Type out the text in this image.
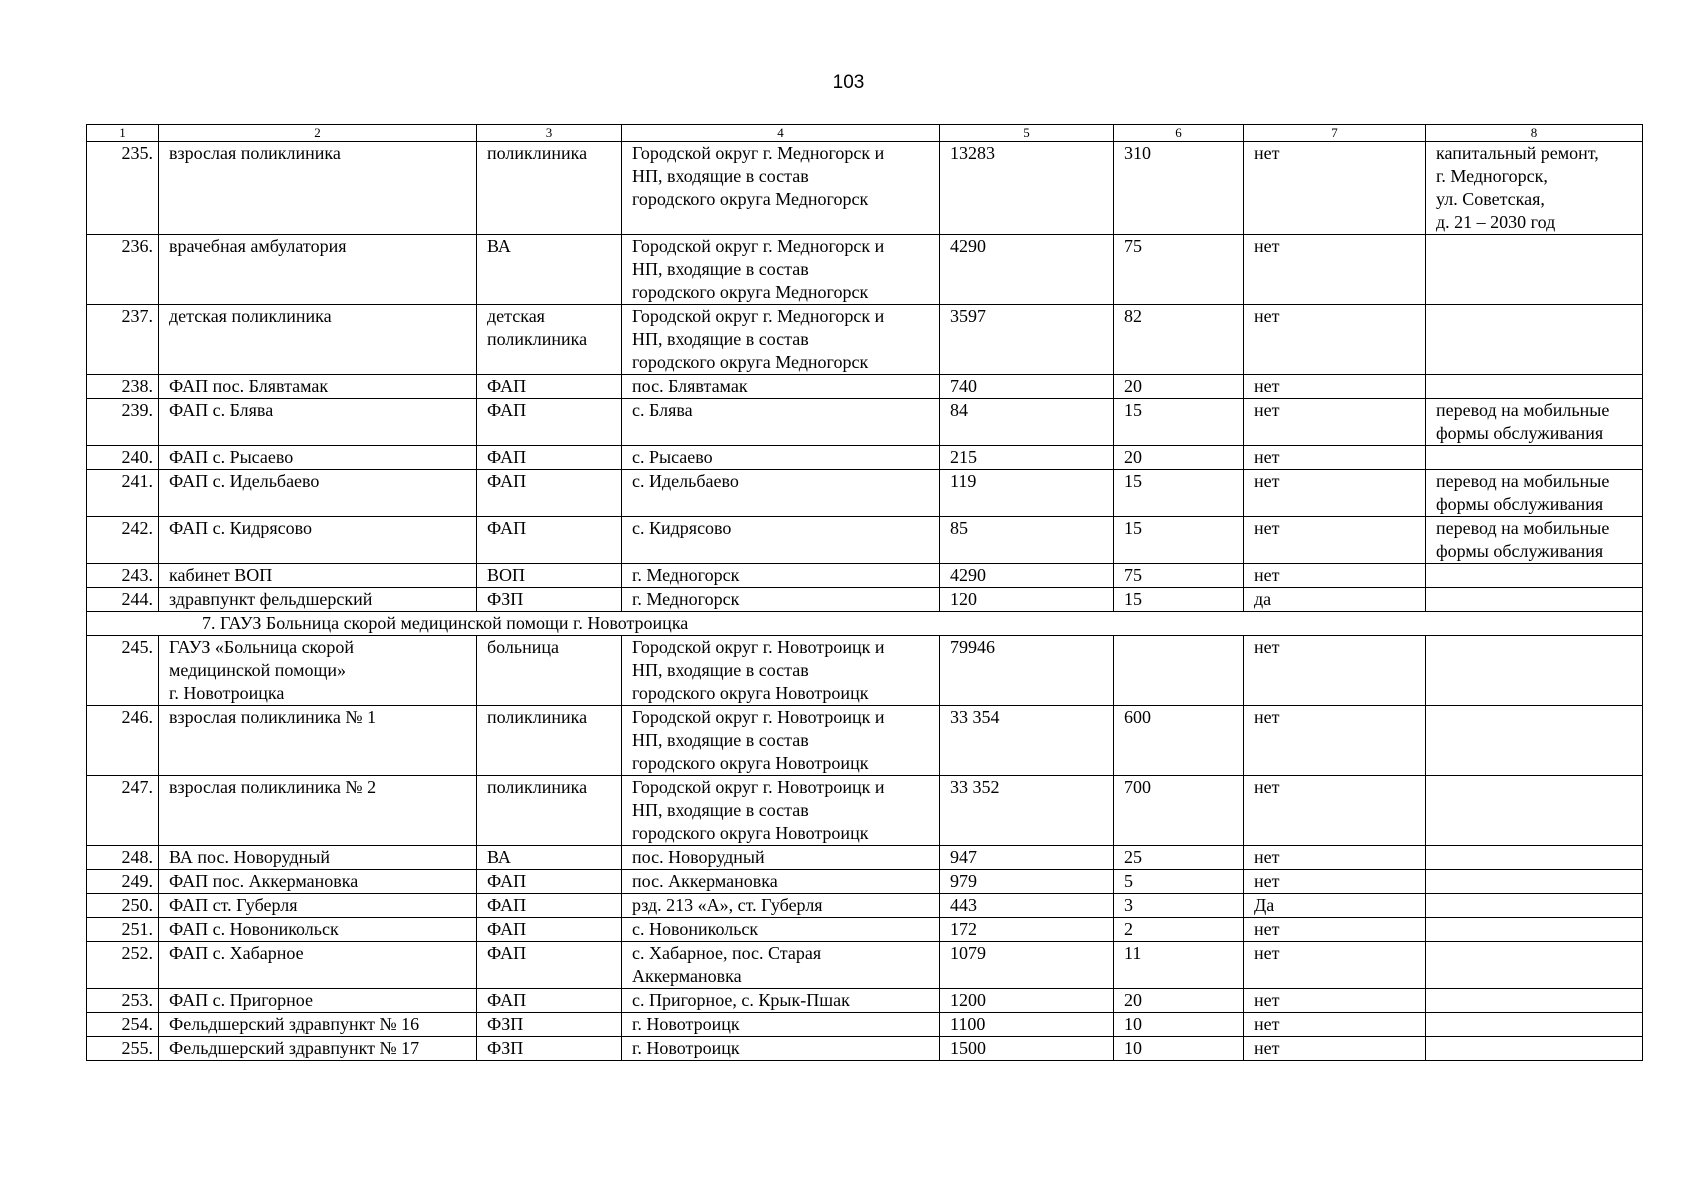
103
1	2	3	4	5	6	7	8
235.	взрослая поликлиника	поликлиника	Городской округ г. Медногорск и
НП, входящие в состав
городского округа Медногорск	13283	310	нет	капитальный ремонт,
г. Медногорск,
ул. Советская,
д. 21 – 2030 год

236.	врачебная амбулатория	ВА	Городской округ г. Медногорск и
НП, входящие в состав
городского округа Медногорск	4290	75	нет	
237.	детская поликлиника	детская
поликлиника	Городской округ г. Медногорск и
НП, входящие в состав
городского округа Медногорск	3597	82	нет	
238.	ФАП пос. Блявтамак	ФАП	пос. Блявтамак	740	20	нет	
239.	ФАП с. Блява	ФАП	с. Блява	84	15	нет	перевод на мобильные
формы обслуживания

240.	ФАП с. Рысаево	ФАП	с. Рысаево	215	20	нет	
241.	ФАП с. Идельбаево	ФАП	с. Идельбаево	119	15	нет	перевод на мобильные
формы обслуживания

242.	ФАП с. Кидрясово	ФАП	с. Кидрясово	85	15	нет	перевод на мобильные
формы обслуживания

243.	кабинет ВОП	ВОП	г. Медногорск	4290	75	нет	
244.	здравпункт фельдшерский	ФЗП	г. Медногорск	120	15	да	
7. ГАУЗ Больница скорой медицинской помощи г. Новотроицка							
245.	ГАУЗ «Больница скорой
медицинской помощи»
г. Новотроицка	больница	Городской округ г. Новотроицк и
НП, входящие в состав
городского округа Новотроицк	79946		нет	
246.	взрослая поликлиника № 1	поликлиника	Городской округ г. Новотроицк и
НП, входящие в состав
городского округа Новотроицк	33 354	600	нет	
247.	взрослая поликлиника № 2	поликлиника	Городской округ г. Новотроицк и
НП, входящие в состав
городского округа Новотроицк	33 352	700	нет	
248.	ВА пос. Новорудный	ВА	пос. Новорудный	947	25	нет	
249.	ФАП пос. Аккермановка	ФАП	пос. Аккермановка	979	5	нет	
250.	ФАП ст. Губерля	ФАП	рзд. 213 «А», ст. Губерля	443	3	Да	
251.	ФАП с. Новоникольск	ФАП	с. Новоникольск	172	2	нет	
252.	ФАП с. Хабарное	ФАП	с. Хабарное, пос. Старая
Аккермановка	1079	11	нет	
253.	ФАП с. Пригорное	ФАП	с. Пригорное, с. Крык-Пшак	1200	20	нет	
254.	Фельдшерский здравпункт № 16	ФЗП	г. Новотроицк	1100	10	нет	
255.	Фельдшерский здравпункт № 17	ФЗП	г. Новотроицк	1500	10	нет	
